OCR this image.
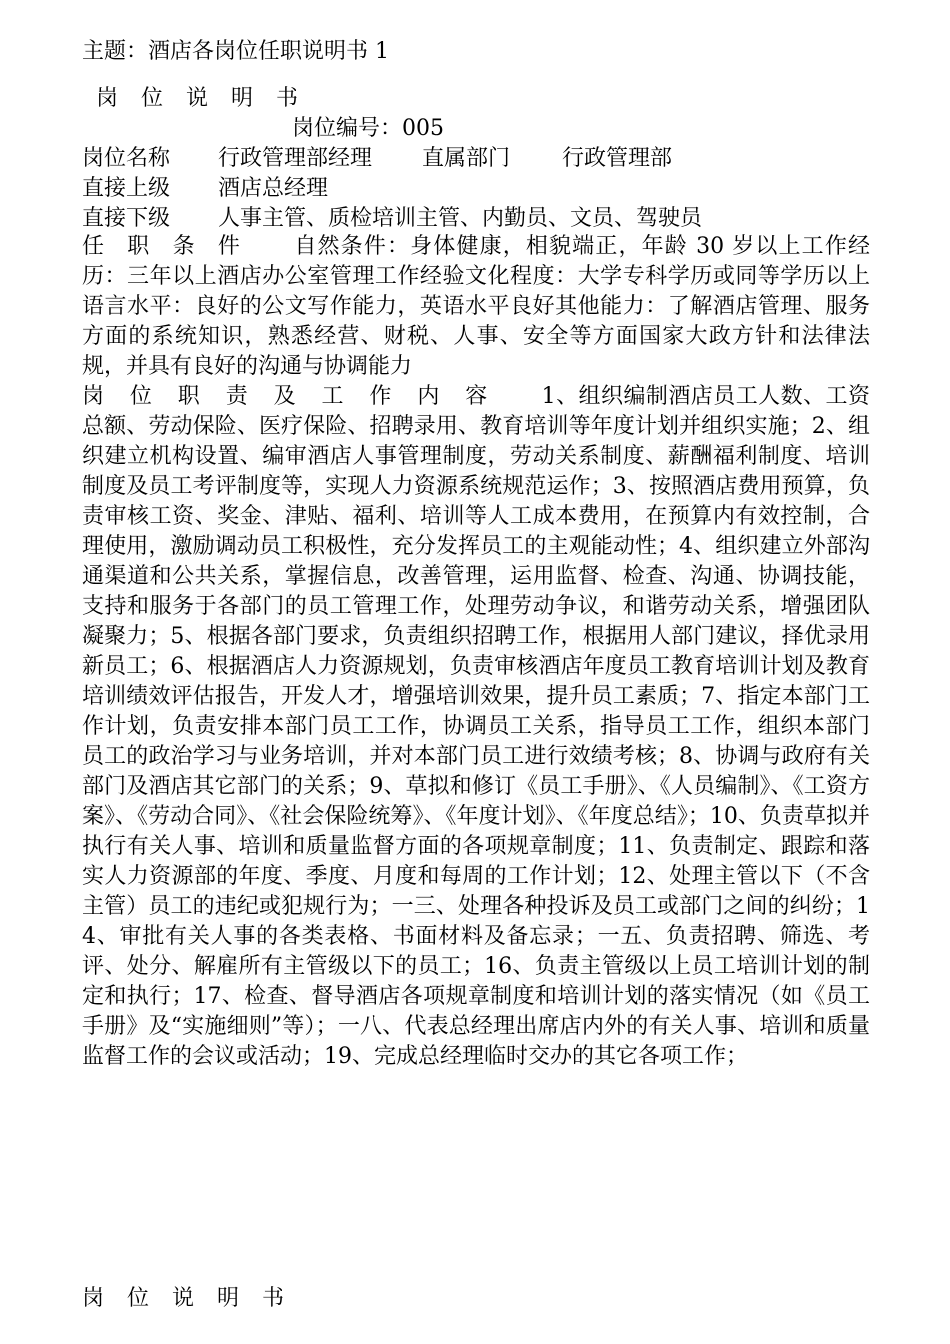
主题：酒店各岗位任职说明书 1
岗 位 说 明 书
岗位编号：005
岗位名称 行政管理部经理 直属部门 行政管理部
直接上级 酒店总经理
直接下级 人事主管、质检培训主管、内勤员、文员、驾驶员
任 职 条 件　　 自然条件：身体健康，相貌端正，年龄 30 岁以上工作经历：三年以上酒店办公室管理工作经验文化程度：大学专科学历或同等学历以上语言水平：良好的公文写作能力，英语水平良好其他能力：了解酒店管理、服务方面的系统知识，熟悉经营、财税、人事、安全等方面国家大政方针和法律法规，并具有良好的沟通与协调能力
岗 位 职 责 及 工 作 内 容　　 1、组织编制酒店员工人数、工资总额、劳动保险、医疗保险、招聘录用、教育培训等年度计划并组织实施；2、组织建立机构设置、编审酒店人事管理制度，劳动关系制度、薪酬福利制度、培训制度及员工考评制度等，实现人力资源系统规范运作；3、按照酒店费用预算，负责审核工资、奖金、津贴、福利、培训等人工成本费用，在预算内有效控制，合理使用，激励调动员工积极性，充分发挥员工的主观能动性；4、组织建立外部沟通渠道和公共关系，掌握信息，改善管理，运用监督、检查、沟通、协调技能，支持和服务于各部门的员工管理工作，处理劳动争议，和谐劳动关系，增强团队凝聚力；5、根据各部门要求，负责组织招聘工作，根据用人部门建议，择优录用新员工；6、根据酒店人力资源规划，负责审核酒店年度员工教育培训计划及教育培训绩效评估报告，开发人才，增强培训效果，提升员工素质；7、指定本部门工作计划，负责安排本部门员工工作，协调员工关系，指导员工工作，组织本部门员工的政治学习与业务培训，并对本部门员工进行效绩考核；8、协调与政府有关部门及酒店其它部门的关系；9、草拟和修订《员工手册》、《人员编制》、《工资方案》、《劳动合同》、《社会保险统筹》、《年度计划》、《年度总结》；10、负责草拟并执行有关人事、培训和质量监督方面的各项规章制度；11、负责制定、跟踪和落实人力资源部的年度、季度、月度和每周的工作计划；12、处理主管以下（不含主管）员工的违纪或犯规行为；一三、处理各种投诉及员工或部门之间的纠纷；14、审批有关人事的各类表格、书面材料及备忘录；一五、负责招聘、筛选、考评、处分、解雇所有主管级以下的员工；16、负责主管级以上员工培训计划的制定和执行；17、检查、督导酒店各项规章制度和培训计划的落实情况（如《员工手册》及“实施细则”等）；一八、代表总经理出席店内外的有关人事、培训和质量监督工作的会议或活动；19、完成总经理临时交办的其它各项工作；
岗 位 说 明 书
